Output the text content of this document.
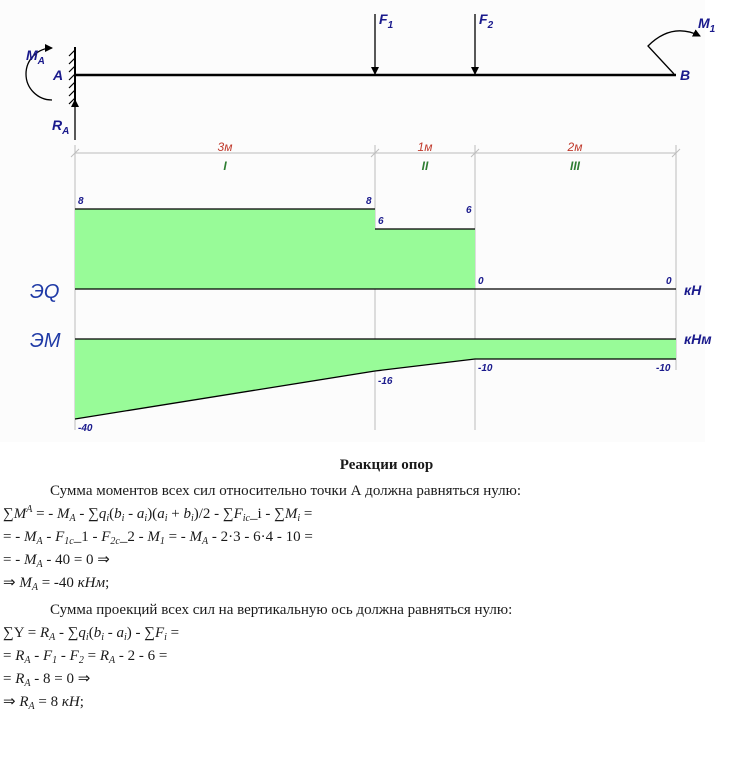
$M_A$
A
$R_A$
$F_1$	$F_2$	$M_1$
B
3м
I
1м
II
2м
III
8	8
6
6
0	0
ЭQ	кН
-40
-16
-10	-10
ЭМ	кНм
Реакции опор
Сумма моментов всех сил относительно точки А должна равняться нулю:
$\sum M^A$ = - $M_A - \sum q_i(b_i - a_i)(a_i + b_i)/2$ - $\sum F_{ic}\_i - \sum M_i$ =
= - $M_A$ - $F_{1c}\_1$ - $F_{2c}\_2 - M_1$ = - $M_A - 2\cdot 3 - 6\cdot 4 - 10$ =
= - $M_A - 40 = 0$ ⇒
⇒ $M_A = -40$ кНм;
Сумма проекций всех сил на вертикальную ось должна равняться нулю:
$\sum Y = R_A - \sum q_i(b_i - a_i) - \sum F_i$ =
= $R_A - F_1 - F_2 = R_A - 2 - 6$ =
= $R_A - 8 = 0$ ⇒
⇒ $R_A = 8$ кН;
